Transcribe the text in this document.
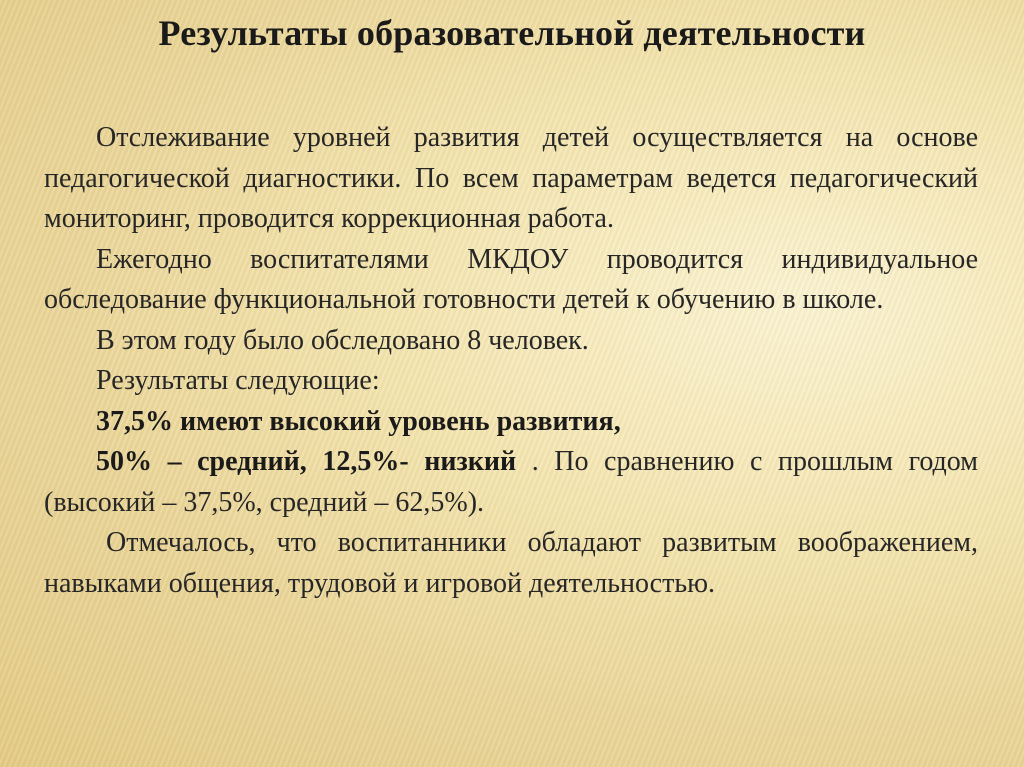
Результаты образовательной деятельности

Отслеживание уровней развития детей осуществляется на основе педагогической диагностики. По всем параметрам ведется педагогический мониторинг, проводится коррекционная работа.

Ежегодно воспитателями МКДОУ проводится индивидуальное обследование функциональной готовности детей к обучению в школе.

В этом году было обследовано 8 человек.

Результаты следующие:

37,5% имеют высокий уровень развития,

50% – средний, 12,5%- низкий . По сравнению с прошлым годом (высокий – 37,5%, средний – 62,5%).

Отмечалось, что воспитанники обладают развитым воображением, навыками общения, трудовой и игровой деятельностью.
